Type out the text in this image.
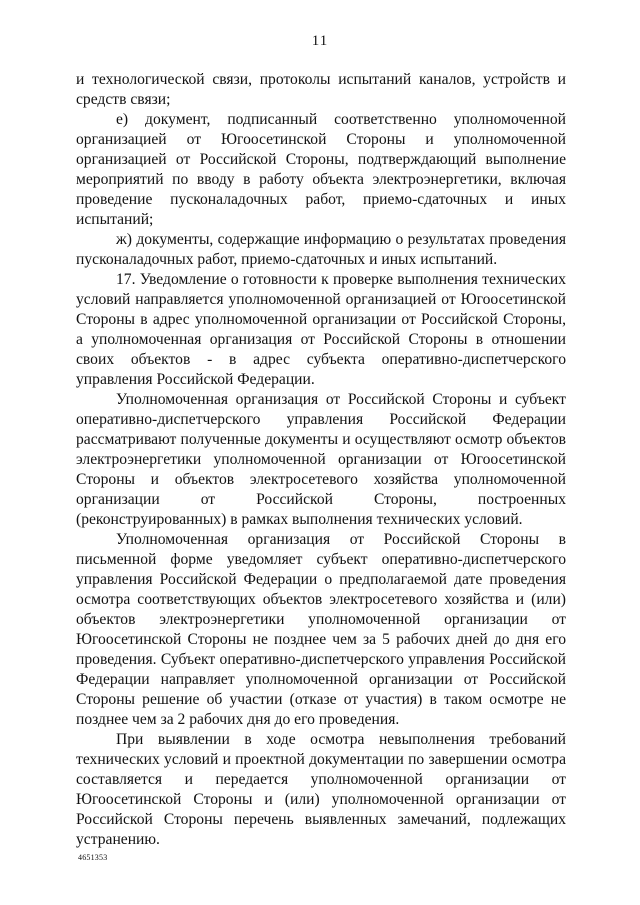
11

и технологической связи, протоколы испытаний каналов, устройств и средств связи;

е) документ, подписанный соответственно уполномоченной организацией от Югоосетинской Стороны и уполномоченной организацией от Российской Стороны, подтверждающий выполнение мероприятий по вводу в работу объекта электроэнергетики, включая проведение пусконаладочных работ, приемо-сдаточных и иных испытаний;

ж) документы, содержащие информацию о результатах проведения пусконаладочных работ, приемо-сдаточных и иных испытаний.

17. Уведомление о готовности к проверке выполнения технических условий направляется уполномоченной организацией от Югоосетинской Стороны в адрес уполномоченной организации от Российской Стороны, а уполномоченная организация от Российской Стороны в отношении своих объектов - в адрес субъекта оперативно-диспетчерского управления Российской Федерации.

Уполномоченная организация от Российской Стороны и субъект оперативно-диспетчерского управления Российской Федерации рассматривают полученные документы и осуществляют осмотр объектов электроэнергетики уполномоченной организации от Югоосетинской Стороны и объектов электросетевого хозяйства уполномоченной организации от Российской Стороны, построенных (реконструированных) в рамках выполнения технических условий.

Уполномоченная организация от Российской Стороны в письменной форме уведомляет субъект оперативно-диспетчерского управления Российской Федерации о предполагаемой дате проведения осмотра соответствующих объектов электросетевого хозяйства и (или) объектов электроэнергетики уполномоченной организации от Югоосетинской Стороны не позднее чем за 5 рабочих дней до дня его проведения. Субъект оперативно-диспетчерского управления Российской Федерации направляет уполномоченной организации от Российской Стороны решение об участии (отказе от участия) в таком осмотре не позднее чем за 2 рабочих дня до его проведения.

При выявлении в ходе осмотра невыполнения требований технических условий и проектной документации по завершении осмотра составляется и передается уполномоченной организации от Югоосетинской Стороны и (или) уполномоченной организации от Российской Стороны перечень выявленных замечаний, подлежащих устранению.

4651353
